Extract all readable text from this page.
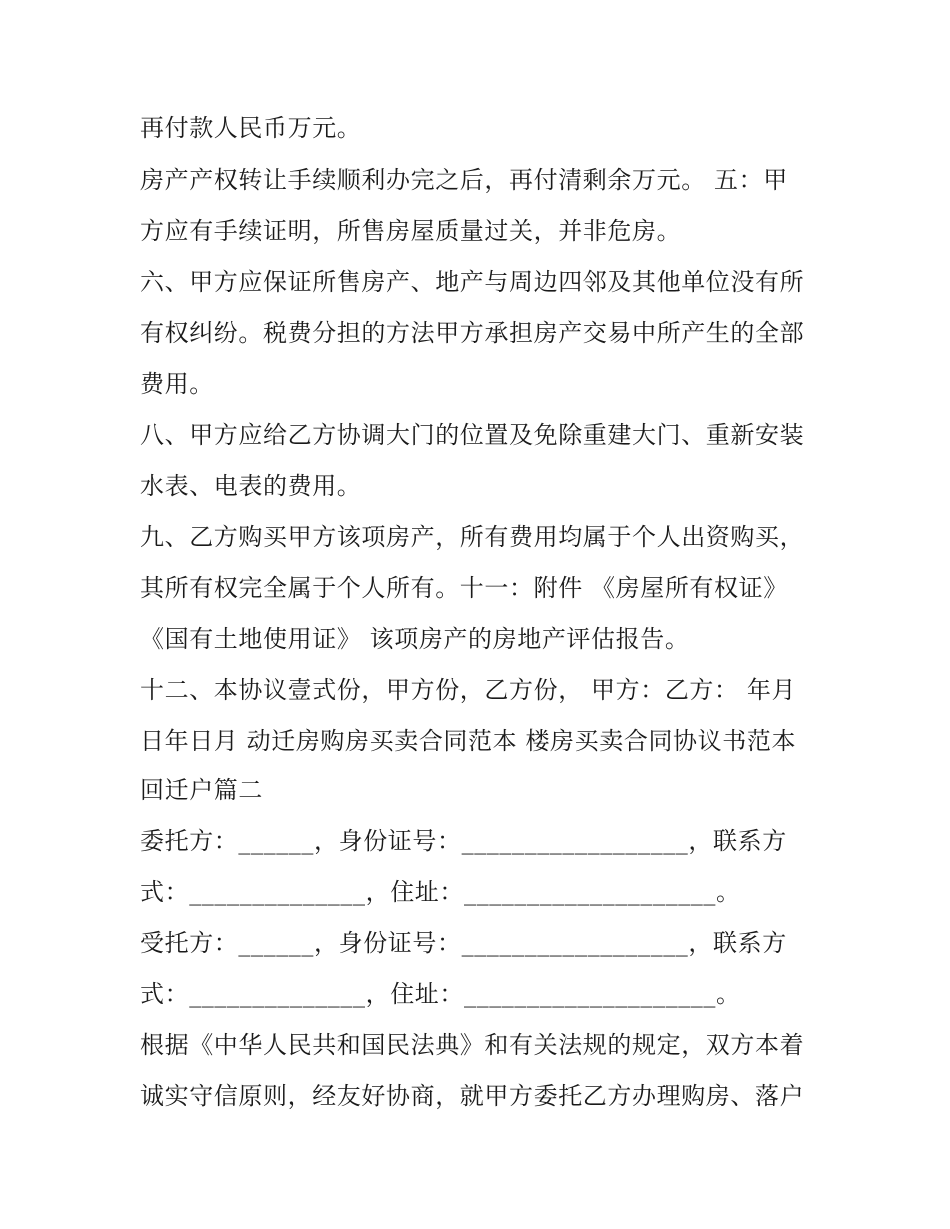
再付款人民币万元。
房产产权转让手续顺利办完之后，再付清剩余万元。 五：甲
方应有手续证明，所售房屋质量过关，并非危房。
六、甲方应保证所售房产、地产与周边四邻及其他单位没有所
有权纠纷。税费分担的方法甲方承担房产交易中所产生的全部
费用。
八、甲方应给乙方协调大门的位置及免除重建大门、重新安装
水表、电表的费用。
九、乙方购买甲方该项房产，所有费用均属于个人出资购买，
其所有权完全属于个人所有。十一：附件 《房屋所有权证》
《国有土地使用证》 该项房产的房地产评估报告。
十二、本协议壹式份，甲方份，乙方份， 甲方：乙方： 年月
日年日月 动迁房购房买卖合同范本 楼房买卖合同协议书范本
回迁户篇二
委托方：______，身份证号：__________________，联系方
式：______________，住址：____________________。
受托方：______，身份证号：__________________，联系方
式：______________，住址：____________________。
根据《中华人民共和国民法典》和有关法规的规定，双方本着
诚实守信原则，经友好协商，就甲方委托乙方办理购房、落户
